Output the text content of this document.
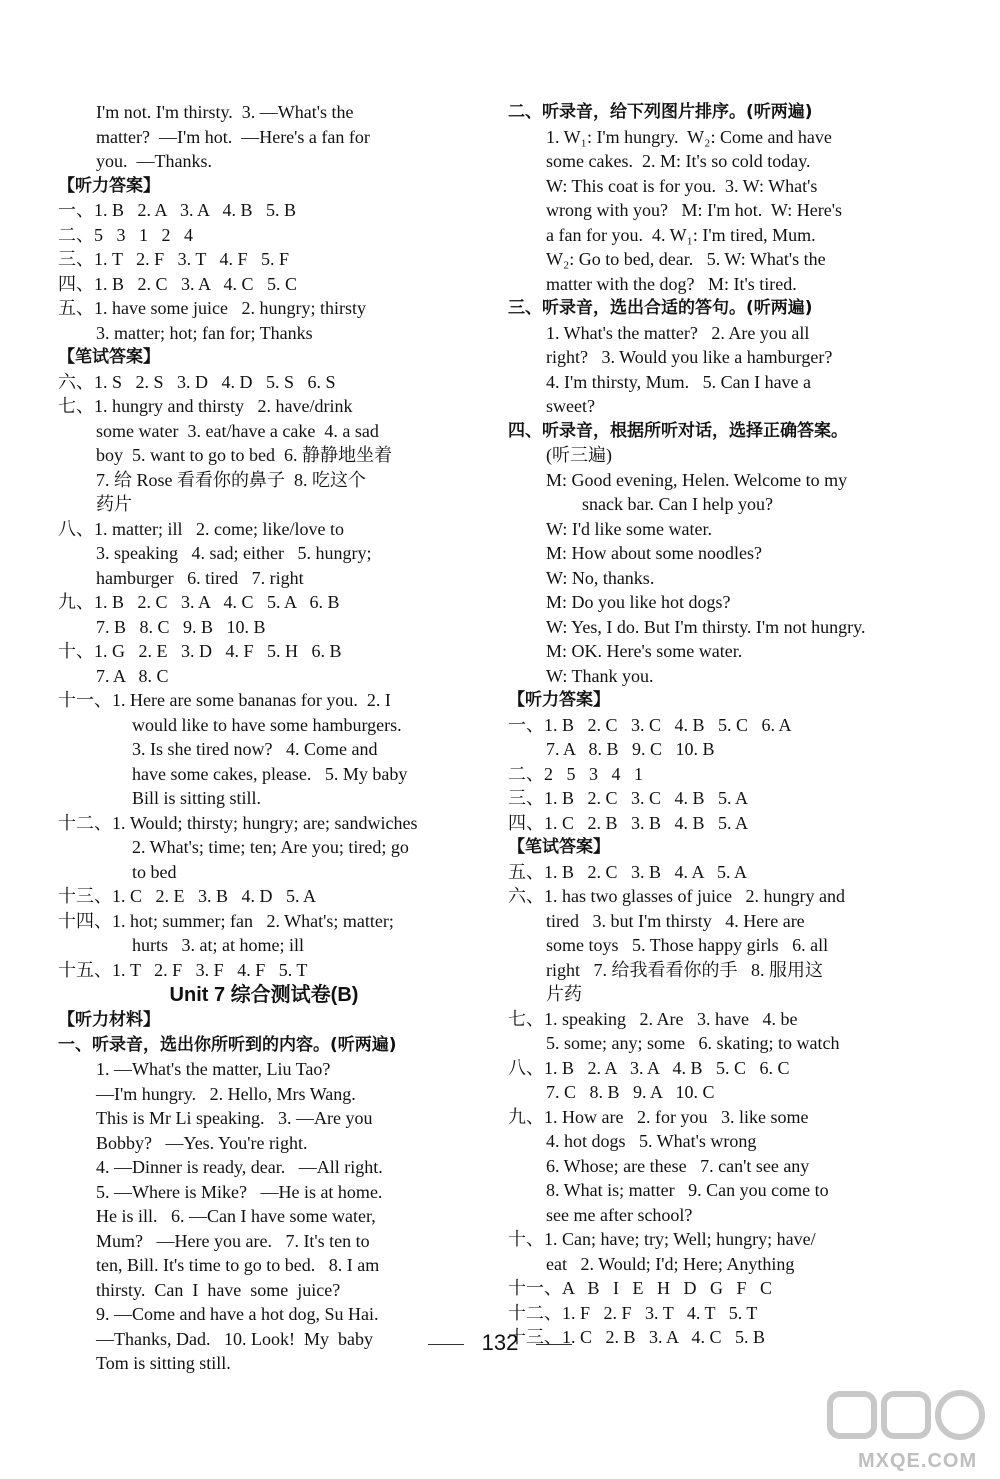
I'm not. I'm thirsty.  3. —What's the
matter?  —I'm hot.  —Here's a fan for
you.  —Thanks.
【听力答案】
一、1. B   2. A   3. A   4. B   5. B
二、5   3   1   2   4
三、1. T   2. F   3. T   4. F   5. F
四、1. B   2. C   3. A   4. C   5. C
五、1. have some juice   2. hungry; thirsty
3. matter; hot; fan for; Thanks
【笔试答案】
六、1. S   2. S   3. D   4. D   5. S   6. S
七、1. hungry and thirsty   2. have/drink
some water  3. eat/have a cake  4. a sad
boy  5. want to go to bed  6. 静静地坐着
7. 给 Rose 看看你的鼻子  8. 吃这个
药片
八、1. matter; ill   2. come; like/love to
3. speaking   4. sad; either   5. hungry;
hamburger   6. tired   7. right
九、1. B   2. C   3. A   4. C   5. A   6. B
7. B   8. C   9. B   10. B
十、1. G   2. E   3. D   4. F   5. H   6. B
7. A   8. C
十一、1. Here are some bananas for you.  2. I
would like to have some hamburgers.
3. Is she tired now?   4. Come and
have some cakes, please.   5. My baby
Bill is sitting still.
十二、1. Would; thirsty; hungry; are; sandwiches
2. What's; time; ten; Are you; tired; go
to bed
十三、1. C   2. E   3. B   4. D   5. A
十四、1. hot; summer; fan   2. What's; matter;
hurts   3. at; at home; ill
十五、1. T   2. F   3. F   4. F   5. T
Unit 7 综合测试卷(B)
【听力材料】
一、听录音，选出你所听到的内容。(听两遍)
1. —What's the matter, Liu Tao?
—I'm hungry.   2. Hello, Mrs Wang.
This is Mr Li speaking.   3. —Are you
Bobby?   —Yes. You're right.
4. —Dinner is ready, dear.   —All right.
5. —Where is Mike?   —He is at home.
He is ill.   6. —Can I have some water,
Mum?   —Here you are.   7. It's ten to
ten, Bill. It's time to go to bed.   8. I am
thirsty.  Can  I  have  some  juice?
9. —Come and have a hot dog, Su Hai.
—Thanks, Dad.   10. Look!  My  baby
Tom is sitting still.
二、听录音，给下列图片排序。(听两遍)
1. W₁: I'm hungry.  W₂: Come and have
some cakes.  2. M: It's so cold today.
W: This coat is for you.  3. W: What's
wrong with you?   M: I'm hot.  W: Here's
a fan for you.  4. W₁: I'm tired, Mum.
W₂: Go to bed, dear.   5. W: What's the
matter with the dog?   M: It's tired.
三、听录音，选出合适的答句。(听两遍)
1. What's the matter?   2. Are you all
right?   3. Would you like a hamburger?
4. I'm thirsty, Mum.   5. Can I have a
sweet?
四、听录音，根据所听对话，选择正确答案。
(听三遍)
M: Good evening, Helen. Welcome to my
snack bar. Can I help you?
W: I'd like some water.
M: How about some noodles?
W: No, thanks.
M: Do you like hot dogs?
W: Yes, I do. But I'm thirsty. I'm not hungry.
M: OK. Here's some water.
W: Thank you.
【听力答案】
一、1. B   2. C   3. C   4. B   5. C   6. A
7. A   8. B   9. C   10. B
二、2   5   3   4   1
三、1. B   2. C   3. C   4. B   5. A
四、1. C   2. B   3. B   4. B   5. A
【笔试答案】
五、1. B   2. C   3. B   4. A   5. A
六、1. has two glasses of juice   2. hungry and
tired   3. but I'm thirsty   4. Here are
some toys   5. Those happy girls   6. all
right   7. 给我看看你的手   8. 服用这
片药
七、1. speaking   2. Are   3. have   4. be
5. some; any; some   6. skating; to watch
八、1. B   2. A   3. A   4. B   5. C   6. C
7. C   8. B   9. A   10. C
九、1. How are   2. for you   3. like some
4. hot dogs   5. What's wrong
6. Whose; are these   7. can't see any
8. What is; matter   9. Can you come to
see me after school?
十、1. Can; have; try; Well; hungry; have/
eat   2. Would; I'd; Here; Anything
十一、A   B   I   E   H   D   G   F   C
十二、1. F   2. F   3. T   4. T   5. T
十三、1. C   2. B   3. A   4. C   5. B
132
MXQE.COM
